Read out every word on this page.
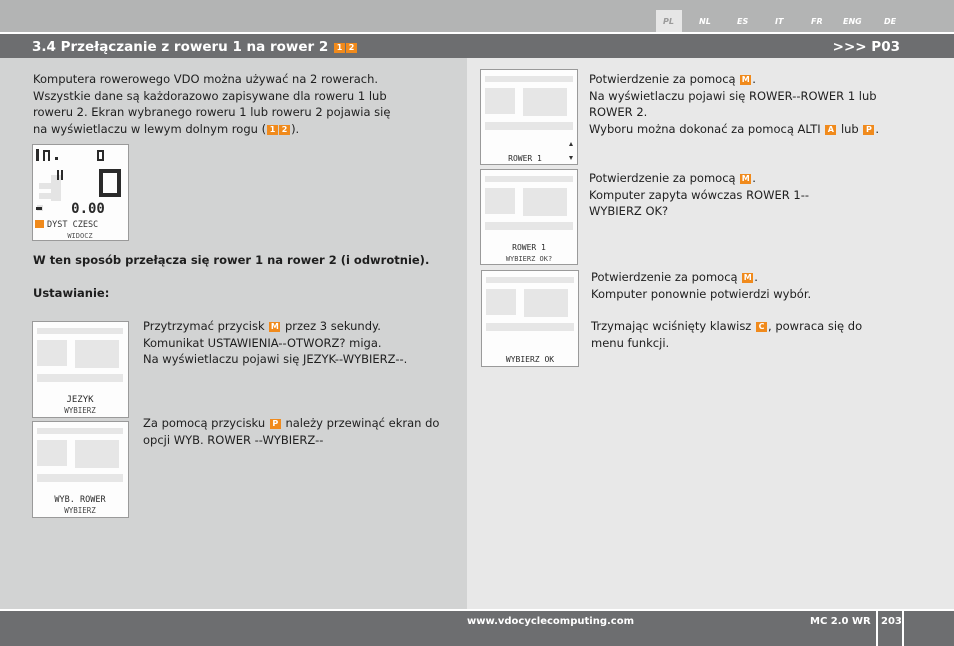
PL	NL	ES	IT	FR	ENG	DE
3.4 Przełączanie z roweru 1 na rower 2 1 2	>>> P03

Komputera rowerowego VDO można używać na 2 rowerach.

Wszystkie dane są każdorazowo zapisywane dla roweru 1 lub

roweru 2. Ekran wybranego roweru 1 lub roweru 2 pojawia się

na wyświetlaczu w lewym dolnym rogu ( 1 2 ).

0.00
DYST CZESC
WIDOCZ
W ten sposób przełącza się rower 1 na rower 2 (i odwrotnie).
Ustawianie:
JEZYK
WYBIERZ

Przytrzymać przycisk M przez 3 sekundy.

Komunikat USTAWIENIA--OTWORZ? miga.

Na wyświetlaczu pojawi się JEZYK--WYBIERZ--.

WYB. ROWER
WYBIERZ

Za pomocą przycisku P należy przewinąć ekran do

opcji WYB. ROWER --WYBIERZ--

ROWER 1

Potwierdzenie za pomocą M .

Na wyświetlaczu pojawi się ROWER--ROWER 1 lub

ROWER 2.

Wyboru można dokonać za pomocą ALTI A lub P .

ROWER 1
WYBIERZ OK?

Potwierdzenie za pomocą M .

Komputer zapyta wówczas ROWER 1--

WYBIERZ OK?

WYBIERZ OK

Potwierdzenie za pomocą M .

Komputer ponownie potwierdzi wybór.

Trzymając wciśnięty klawisz C , powraca się do

menu funkcji.

www.vdocyclecomputing.com	MC 2.0 WR 203
